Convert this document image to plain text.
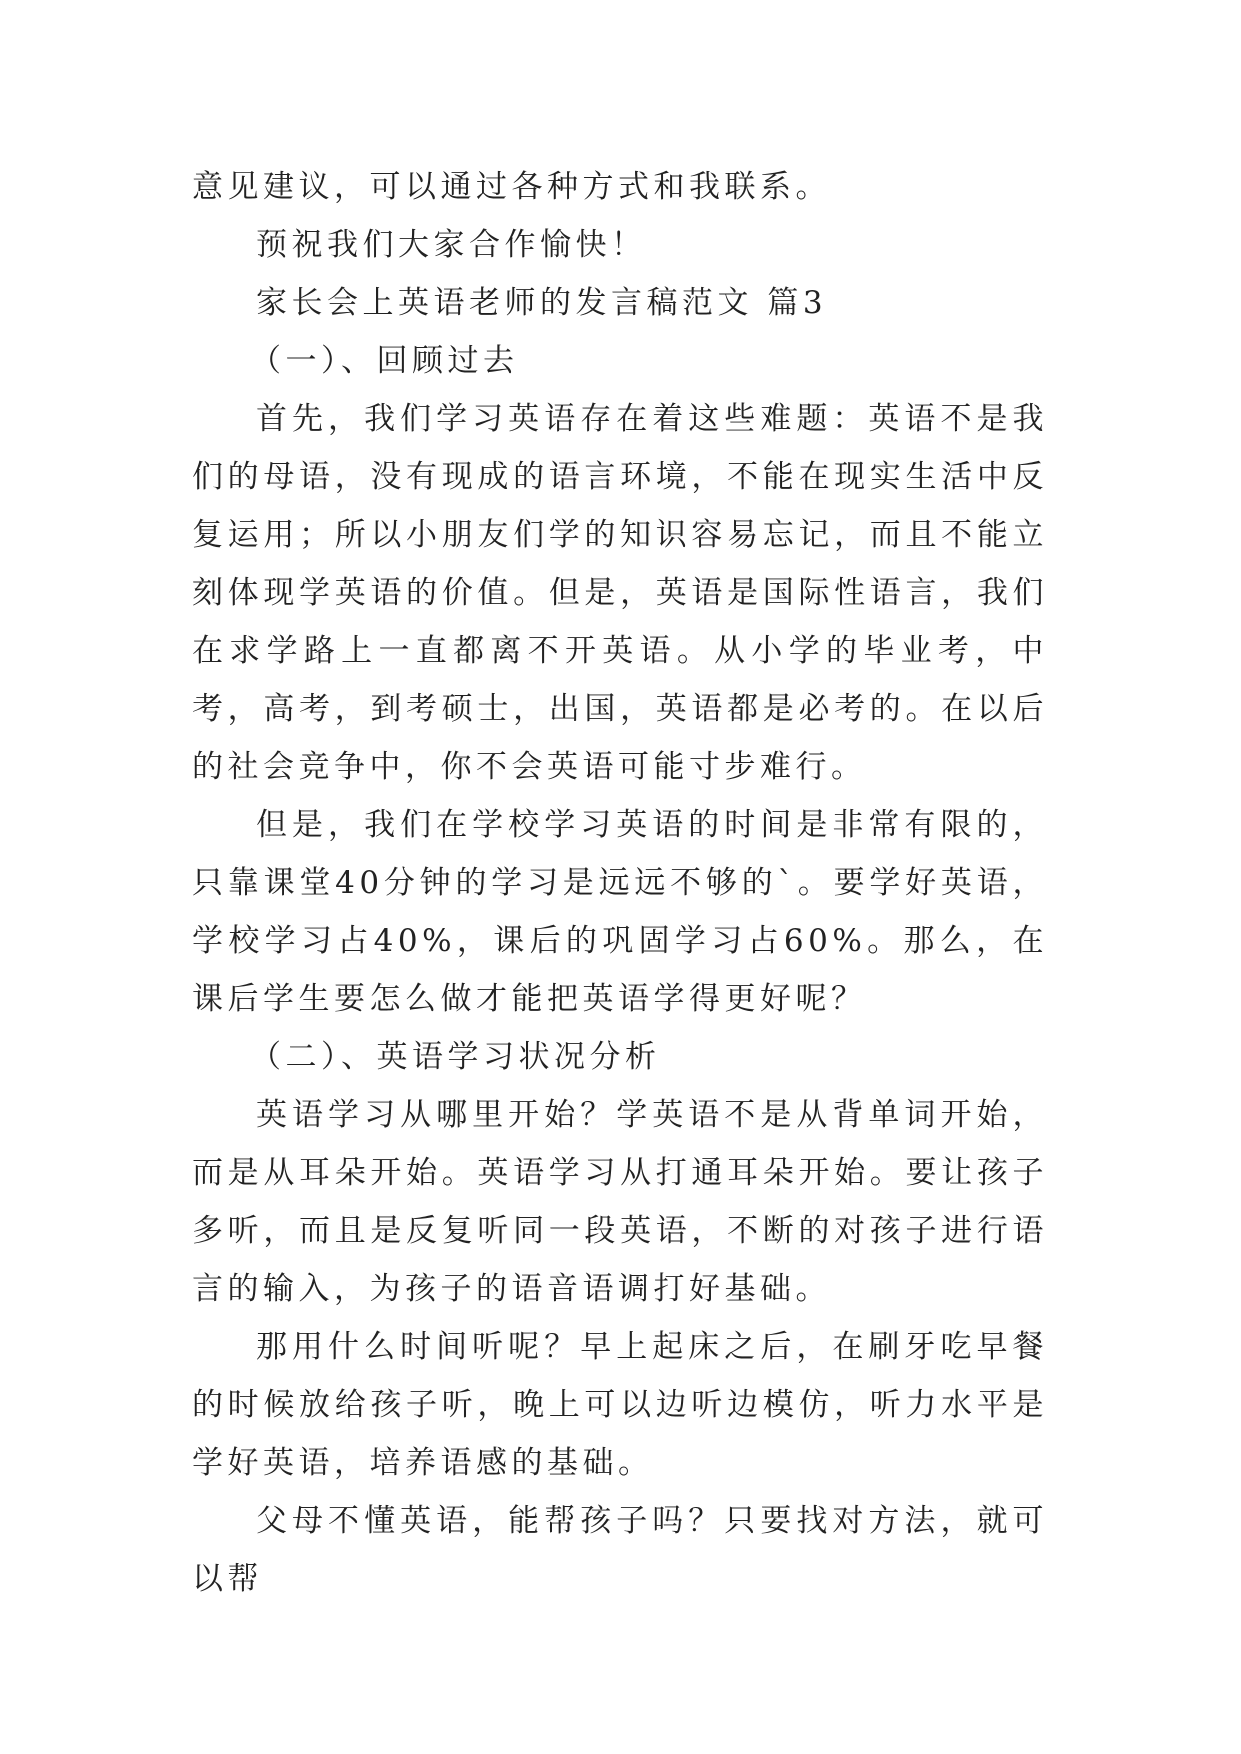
意见建议，可以通过各种方式和我联系。

预祝我们大家合作愉快！

家长会上英语老师的发言稿范文 篇3

（一）、回顾过去

首先，我们学习英语存在着这些难题：英语不是我们的母语，没有现成的语言环境，不能在现实生活中反复运用；所以小朋友们学的知识容易忘记，而且不能立刻体现学英语的价值。但是，英语是国际性语言，我们在求学路上一直都离不开英语。从小学的毕业考，中考，高考，到考硕士，出国，英语都是必考的。在以后的社会竞争中，你不会英语可能寸步难行。

但是，我们在学校学习英语的时间是非常有限的，只靠课堂40分钟的学习是远远不够的`。要学好英语，学校学习占40%，课后的巩固学习占60%。那么，在课后学生要怎么做才能把英语学得更好呢？

（二）、英语学习状况分析

英语学习从哪里开始？学英语不是从背单词开始，而是从耳朵开始。英语学习从打通耳朵开始。要让孩子多听，而且是反复听同一段英语，不断的对孩子进行语言的输入，为孩子的语音语调打好基础。

那用什么时间听呢？早上起床之后，在刷牙吃早餐的时候放给孩子听，晚上可以边听边模仿，听力水平是学好英语，培养语感的基础。

父母不懂英语，能帮孩子吗？只要找对方法，就可以帮
